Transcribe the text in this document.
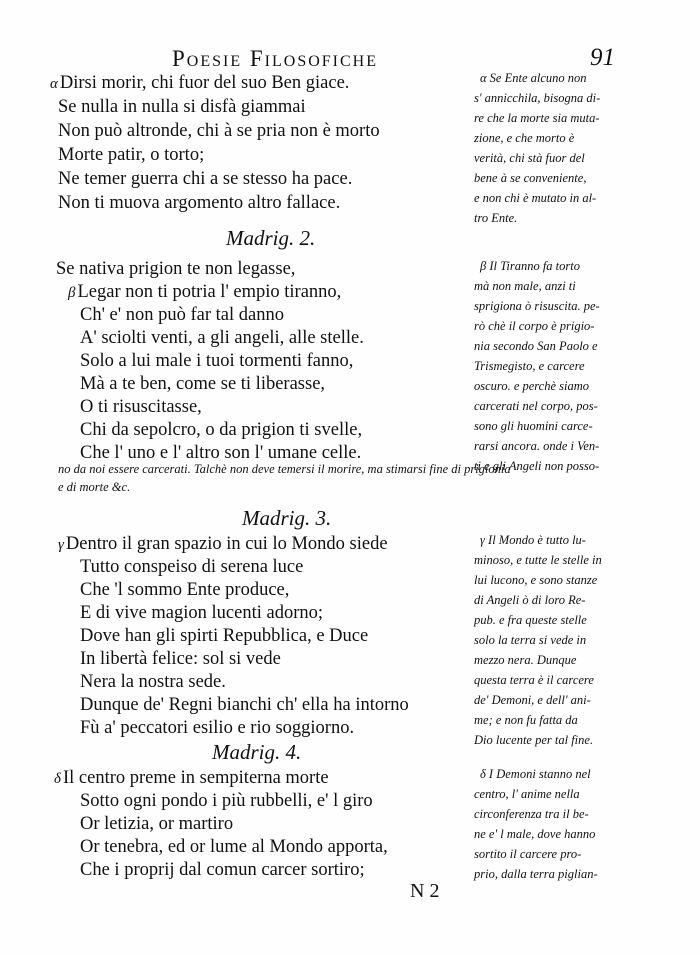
Poesie Filosofiche	91
α Dirsi morir, chi fuor del suo Ben giace.
Se nulla in nulla si disfà giammai
Non può altronde, chi à se pria non è morto
Morte patir, o torto;
Ne temer guerra chi a se stesso ha pace.
Non ti muova argomento altro fallace.
α Se Ente alcuno non
s' annicchila, bisogna di-
re che la morte sia muta-
zione, e che morto è
verità, chi stà fuor del
bene à se conveniente,
e non chi è mutato in al-
tro Ente.
Madrig. 2.
Se nativa prigion te non legasse,
β Legar non ti potria l' empio tiranno,
Ch' e' non può far tal danno
A' sciolti venti, a gli angeli, alle stelle.
Solo a lui male i tuoi tormenti fanno,
Mà a te ben, come se ti liberasse,
O ti risuscitasse,
Chi da sepolcro, o da prigion ti svelle,
Che l' uno e l' altro son l' umane celle.
β Il Tiranno fa torto
mà non male, anzi ti
sprigiona ò risuscita. pe-
rò chè il corpo è prigio-
nia secondo San Paolo e
Trismegisto, e carcere
oscuro. e perchè siamo
carcerati nel corpo, pos-
sono gli huomini carce-
rarsi ancora. onde i Ven-
ti e gli Angeli non posso-
no da noi essere carcerati. Talchè non deve temersi il morire, ma stimarsi fine di prigionia
e di morte &c.
Madrig. 3.
γ Dentro il gran spazio in cui lo Mondo siede
Tutto conspeiso di serena luce
Che 'l sommo Ente produce,
E di vive magion lucenti adorno;
Dove han gli spirti Repubblica, e Duce
In libertà felice: sol si vede
Nera la nostra sede.
Dunque de' Regni bianchi ch' ella ha intorno
Fù a' peccatori esilio e rio soggiorno.
γ Il Mondo è tutto lu-
minoso, e tutte le stelle in
lui lucono, e sono stanze
di Angeli ò di loro Re-
pub. e fra queste stelle
solo la terra si vede in
mezzo nera. Dunque
questa terra è il carcere
de' Demoni, e dell' ani-
me; e non fu fatta da
Dio lucente per tal fine.
Madrig. 4.
δ Il centro preme in sempiterna morte
Sotto ogni pondo i più rubbelli, e' l giro
Or letizia, or martiro
Or tenebra, ed or lume al Mondo apporta,
Che i proprij dal comun carcer sortiro;
δ I Demoni stanno nel
centro, l' anime nella
circonferenza tra il be-
ne e' l male, dove hanno
sortito il carcere pro-
prio, dalla terra piglian-
N 2
